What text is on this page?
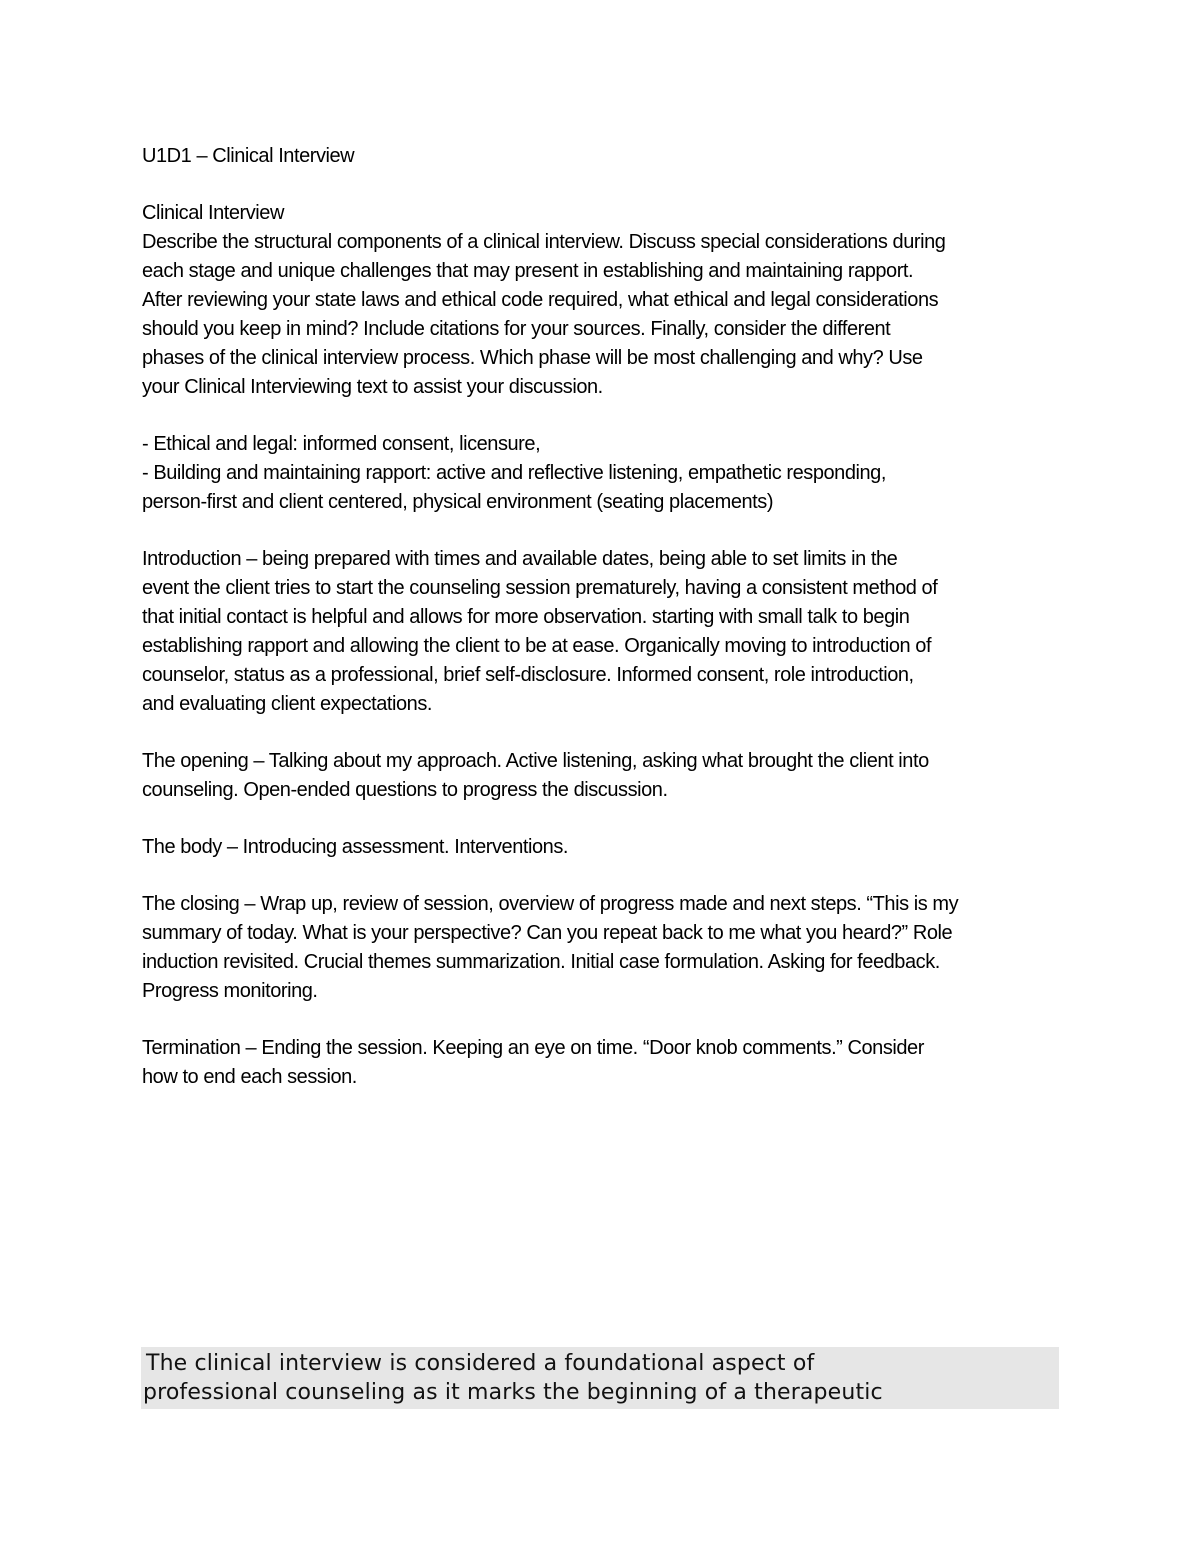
U1D1 – Clinical Interview

Clinical Interview

Describe the structural components of a clinical interview. Discuss special considerations during

each stage and unique challenges that may present in establishing and maintaining rapport.

After reviewing your state laws and ethical code required, what ethical and legal considerations

should you keep in mind? Include citations for your sources. Finally, consider the different

phases of the clinical interview process. Which phase will be most challenging and why? Use

your Clinical Interviewing text to assist your discussion.

- Ethical and legal: informed consent, licensure,

- Building and maintaining rapport: active and reflective listening, empathetic responding,

person-first and client centered, physical environment (seating placements)

Introduction – being prepared with times and available dates, being able to set limits in the

event the client tries to start the counseling session prematurely, having a consistent method of

that initial contact is helpful and allows for more observation. starting with small talk to begin

establishing rapport and allowing the client to be at ease. Organically moving to introduction of

counselor, status as a professional, brief self-disclosure. Informed consent, role introduction,

and evaluating client expectations.

The opening – Talking about my approach. Active listening, asking what brought the client into

counseling. Open-ended questions to progress the discussion.

The body – Introducing assessment. Interventions.

The closing – Wrap up, review of session, overview of progress made and next steps. “This is my

summary of today. What is your perspective? Can you repeat back to me what you heard?” Role

induction revisited. Crucial themes summarization. Initial case formulation. Asking for feedback.

Progress monitoring.

Termination – Ending the session. Keeping an eye on time. “Door knob comments.” Consider

how to end each session.

The clinical interview is considered a foundational aspect of

professional counseling as it marks the beginning of a therapeutic
